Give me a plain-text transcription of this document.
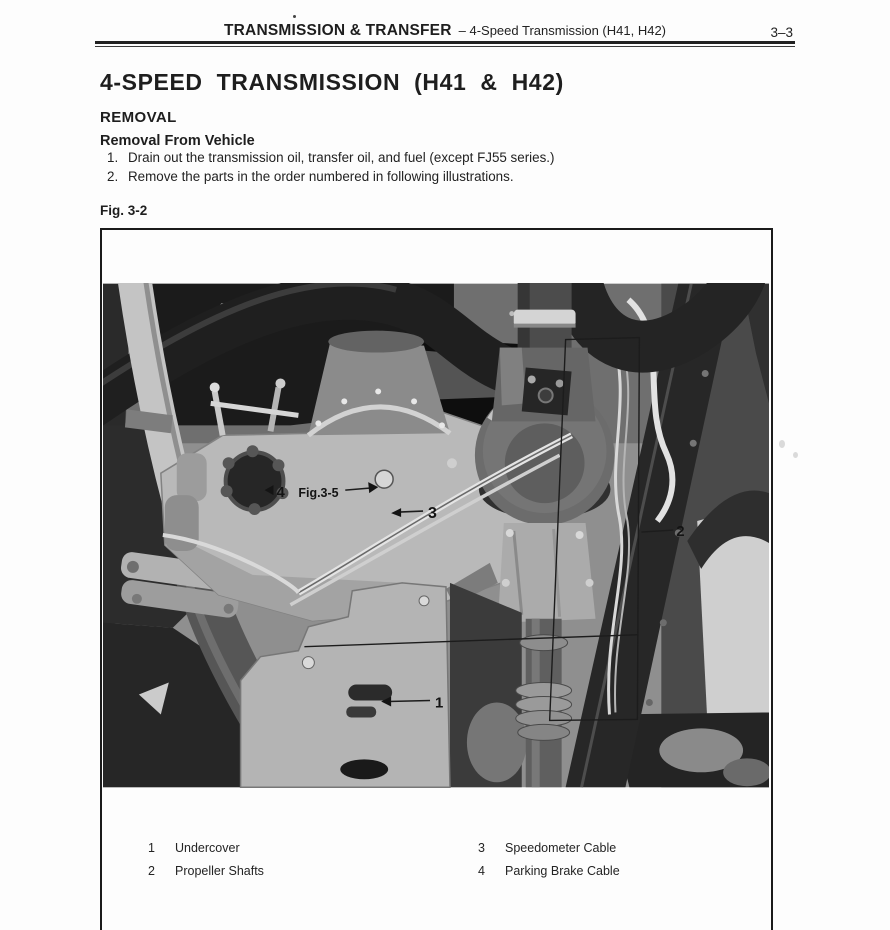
TRANSMISSION & TRANSFER – 4-Speed Transmission (H41, H42)	3–3
4-SPEED TRANSMISSION (H41 & H42)
REMOVAL
Removal From Vehicle
1. Drain out the transmission oil, transfer oil, and fuel (except FJ55 series.)
2. Remove the parts in the order numbered in following illustrations.
Fig. 3-2
4 Fig.3-5
3
2
1
1 Undercover
2 Propeller Shafts
3 Speedometer Cable
4 Parking Brake Cable
